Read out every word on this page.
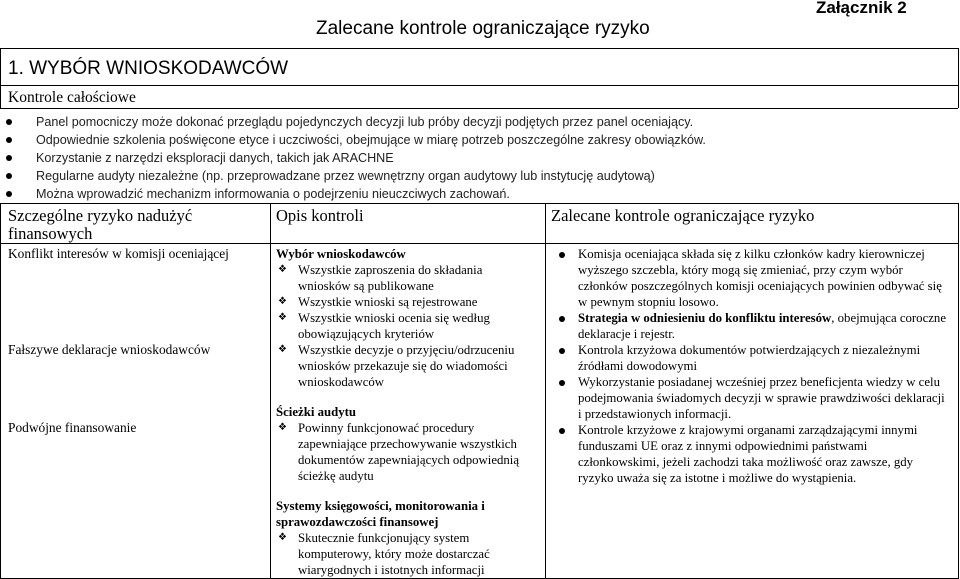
Załącznik 2
Zalecane kontrole ograniczające ryzyko
1. WYBÓR WNIOSKODAWCÓW
Kontrole całościowe
Panel pomocniczy może dokonać przeglądu pojedynczych decyzji lub próby decyzji podjętych przez panel oceniający.
Odpowiednie szkolenia poświęcone etyce i uczciwości, obejmujące w miarę potrzeb poszczególne zakresy obowiązków.
Korzystanie z narzędzi eksploracji danych, takich jak ARACHNE
Regularne audyty niezależne (np. przeprowadzane przez wewnętrzny organ audytowy lub instytucję audytową)
Można wprowadzić mechanizm informowania o podejrzeniu nieuczciwych zachowań.
Szczególne ryzyko nadużyć finansowych
Opis kontroli	Zalecane kontrole ograniczające ryzyko
Konflikt interesów w komisji oceniającej
Fałszywe deklaracje wnioskodawców
Podwójne finansowanie
Wybór wnioskodawców
❖ Wszystkie zaproszenia do składania wniosków są publikowane
❖ Wszystkie wnioski są rejestrowane
❖ Wszystkie wnioski ocenia się według obowiązujących kryteriów
❖ Wszystkie decyzje o przyjęciu/odrzuceniu wniosków przekazuje się do wiadomości wnioskodawców
Ścieżki audytu
❖ Powinny funkcjonować procedury zapewniające przechowywanie wszystkich dokumentów zapewniających odpowiednią ścieżkę audytu
Systemy księgowości, monitorowania i sprawozdawczości finansowej
❖ Skutecznie funkcjonujący system komputerowy, który może dostarczać wiarygodnych i istotnych informacji
Komisja oceniająca składa się z kilku członków kadry kierowniczej wyższego szczebla, który mogą się zmieniać, przy czym wybór członków poszczególnych komisji oceniających powinien odbywać się w pewnym stopniu losowo.
Strategia w odniesieniu do konfliktu interesów, obejmująca coroczne deklaracje i rejestr.
Kontrola krzyżowa dokumentów potwierdzających z niezależnymi źródłami dowodowymi
Wykorzystanie posiadanej wcześniej przez beneficjenta wiedzy w celu podejmowania świadomych decyzji w sprawie prawdziwości deklaracji i przedstawionych informacji.
Kontrole krzyżowe z krajowymi organami zarządzającymi innymi funduszami UE oraz z innymi odpowiednimi państwami członkowskimi, jeżeli zachodzi taka możliwość oraz zawsze, gdy ryzyko uważa się za istotne i możliwe do wystąpienia.
